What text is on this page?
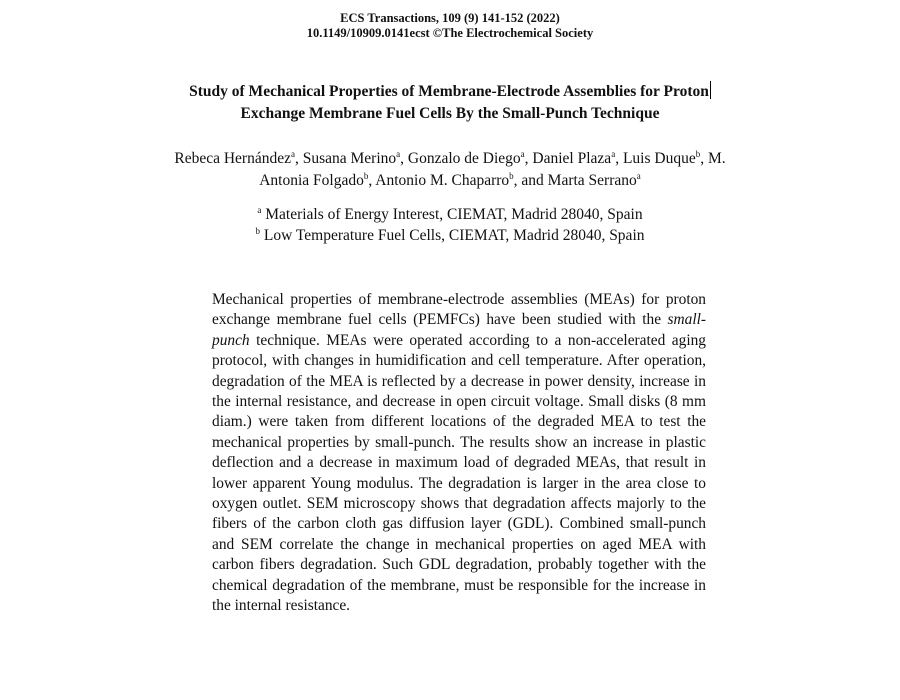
ECS Transactions, 109 (9) 141-152 (2022)
10.1149/10909.0141ecst ©The Electrochemical Society
Study of Mechanical Properties of Membrane-Electrode Assemblies for Proton
Exchange Membrane Fuel Cells By the Small-Punch Technique
Rebeca Hernández$^a$, Susana Merino$^a$, Gonzalo de Diego$^a$, Daniel Plaza$^a$, Luis Duque$^b$, M. Antonia Folgado$^b$, Antonio M. Chaparro$^b$, and Marta Serrano$^a$
$^a$ Materials of Energy Interest, CIEMAT, Madrid 28040, Spain
$^b$ Low Temperature Fuel Cells, CIEMAT, Madrid 28040, Spain
Mechanical properties of membrane-electrode assemblies (MEAs) for proton exchange membrane fuel cells (PEMFCs) have been studied with the small-punch technique. MEAs were operated according to a non-accelerated aging protocol, with changes in humidification and cell temperature. After operation, degradation of the MEA is reflected by a decrease in power density, increase in the internal resistance, and decrease in open circuit voltage. Small disks (8 mm diam.) were taken from different locations of the degraded MEA to test the mechanical properties by small-punch. The results show an increase in plastic deflection and a decrease in maximum load of degraded MEAs, that result in lower apparent Young modulus. The degradation is larger in the area close to oxygen outlet. SEM microscopy shows that degradation affects majorly to the fibers of the carbon cloth gas diffusion layer (GDL). Combined small-punch and SEM correlate the change in mechanical properties on aged MEA with carbon fibers degradation. Such GDL degradation, probably together with the chemical degradation of the membrane, must be responsible for the increase in the internal resistance.
